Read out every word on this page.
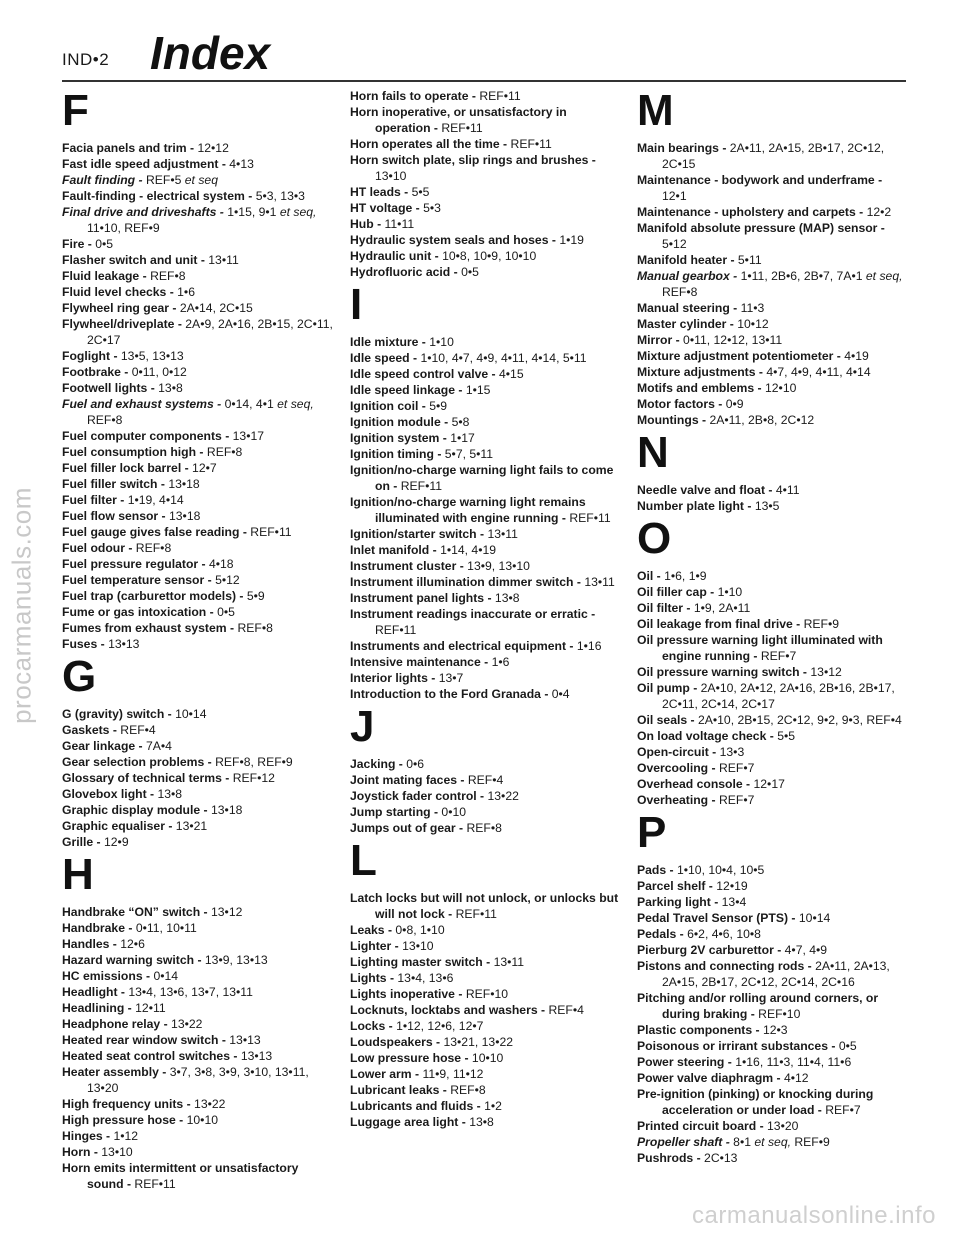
IND•2 Index
procarmanuals.com
F
Facia panels and trim - 12•12
Fast idle speed adjustment - 4•13
Fault finding - REF•5 et seq
Fault-finding - electrical system - 5•3, 13•3
Final drive and driveshafts - 1•15, 9•1 et seq, 11•10, REF•9
Fire - 0•5
Flasher switch and unit - 13•11
Fluid leakage - REF•8
Fluid level checks - 1•6
Flywheel ring gear - 2A•14, 2C•15
Flywheel/driveplate - 2A•9, 2A•16, 2B•15, 2C•11, 2C•17
Foglight - 13•5, 13•13
Footbrake - 0•11, 0•12
Footwell lights - 13•8
Fuel and exhaust systems - 0•14, 4•1 et seq, REF•8
Fuel computer components - 13•17
Fuel consumption high - REF•8
Fuel filler lock barrel - 12•7
Fuel filler switch - 13•18
Fuel filter - 1•19, 4•14
Fuel flow sensor - 13•18
Fuel gauge gives false reading - REF•11
Fuel odour - REF•8
Fuel pressure regulator - 4•18
Fuel temperature sensor - 5•12
Fuel trap (carburettor models) - 5•9
Fume or gas intoxication - 0•5
Fumes from exhaust system - REF•8
Fuses - 13•13
G
G (gravity) switch - 10•14
Gaskets - REF•4
Gear linkage - 7A•4
Gear selection problems - REF•8, REF•9
Glossary of technical terms - REF•12
Glovebox light - 13•8
Graphic display module - 13•18
Graphic equaliser - 13•21
Grille - 12•9
H
Handbrake “ON” switch - 13•12
Handbrake - 0•11, 10•11
Handles - 12•6
Hazard warning switch - 13•9, 13•13
HC emissions - 0•14
Headlight - 13•4, 13•6, 13•7, 13•11
Headlining - 12•11
Headphone relay - 13•22
Heated rear window switch - 13•13
Heated seat control switches - 13•13
Heater assembly - 3•7, 3•8, 3•9, 3•10, 13•11, 13•20
High frequency units - 13•22
High pressure hose - 10•10
Hinges - 1•12
Horn - 13•10
Horn emits intermittent or unsatisfactory sound - REF•11
Horn fails to operate - REF•11
Horn inoperative, or unsatisfactory in operation - REF•11
Horn operates all the time - REF•11
Horn switch plate, slip rings and brushes - 13•10
HT leads - 5•5
HT voltage - 5•3
Hub - 11•11
Hydraulic system seals and hoses - 1•19
Hydraulic unit - 10•8, 10•9, 10•10
Hydrofluoric acid - 0•5
I
Idle mixture - 1•10
Idle speed - 1•10, 4•7, 4•9, 4•11, 4•14, 5•11
Idle speed control valve - 4•15
Idle speed linkage - 1•15
Ignition coil - 5•9
Ignition module - 5•8
Ignition system - 1•17
Ignition timing - 5•7, 5•11
Ignition/no-charge warning light fails to come on - REF•11
Ignition/no-charge warning light remains illuminated with engine running - REF•11
Ignition/starter switch - 13•11
Inlet manifold - 1•14, 4•19
Instrument cluster - 13•9, 13•10
Instrument illumination dimmer switch - 13•11
Instrument panel lights - 13•8
Instrument readings inaccurate or erratic - REF•11
Instruments and electrical equipment - 1•16
Intensive maintenance - 1•6
Interior lights - 13•7
Introduction to the Ford Granada - 0•4
J
Jacking - 0•6
Joint mating faces - REF•4
Joystick fader control - 13•22
Jump starting - 0•10
Jumps out of gear - REF•8
L
Latch locks but will not unlock, or unlocks but will not lock - REF•11
Leaks - 0•8, 1•10
Lighter - 13•10
Lighting master switch - 13•11
Lights - 13•4, 13•6
Lights inoperative - REF•10
Locknuts, locktabs and washers - REF•4
Locks - 1•12, 12•6, 12•7
Loudspeakers - 13•21, 13•22
Low pressure hose - 10•10
Lower arm - 11•9, 11•12
Lubricant leaks - REF•8
Lubricants and fluids - 1•2
Luggage area light - 13•8
M
Main bearings - 2A•11, 2A•15, 2B•17, 2C•12, 2C•15
Maintenance - bodywork and underframe - 12•1
Maintenance - upholstery and carpets - 12•2
Manifold absolute pressure (MAP) sensor - 5•12
Manifold heater - 5•11
Manual gearbox - 1•11, 2B•6, 2B•7, 7A•1 et seq, REF•8
Manual steering - 11•3
Master cylinder - 10•12
Mirror - 0•11, 12•12, 13•11
Mixture adjustment potentiometer - 4•19
Mixture adjustments - 4•7, 4•9, 4•11, 4•14
Motifs and emblems - 12•10
Motor factors - 0•9
Mountings - 2A•11, 2B•8, 2C•12
N
Needle valve and float - 4•11
Number plate light - 13•5
O
Oil - 1•6, 1•9
Oil filler cap - 1•10
Oil filter - 1•9, 2A•11
Oil leakage from final drive - REF•9
Oil pressure warning light illuminated with engine running - REF•7
Oil pressure warning switch - 13•12
Oil pump - 2A•10, 2A•12, 2A•16, 2B•16, 2B•17, 2C•11, 2C•14, 2C•17
Oil seals - 2A•10, 2B•15, 2C•12, 9•2, 9•3, REF•4
On load voltage check - 5•5
Open-circuit - 13•3
Overcooling - REF•7
Overhead console - 12•17
Overheating - REF•7
P
Pads - 1•10, 10•4, 10•5
Parcel shelf - 12•19
Parking light - 13•4
Pedal Travel Sensor (PTS) - 10•14
Pedals - 6•2, 4•6, 10•8
Pierburg 2V carburettor - 4•7, 4•9
Pistons and connecting rods - 2A•11, 2A•13, 2A•15, 2B•17, 2C•12, 2C•14, 2C•16
Pitching and/or rolling around corners, or during braking - REF•10
Plastic components - 12•3
Poisonous or irrirant substances - 0•5
Power steering - 1•16, 11•3, 11•4, 11•6
Power valve diaphragm - 4•12
Pre-ignition (pinking) or knocking during acceleration or under load - REF•7
Printed circuit board - 13•20
Propeller shaft - 8•1 et seq, REF•9
Pushrods - 2C•13
carmanualsonline.info
